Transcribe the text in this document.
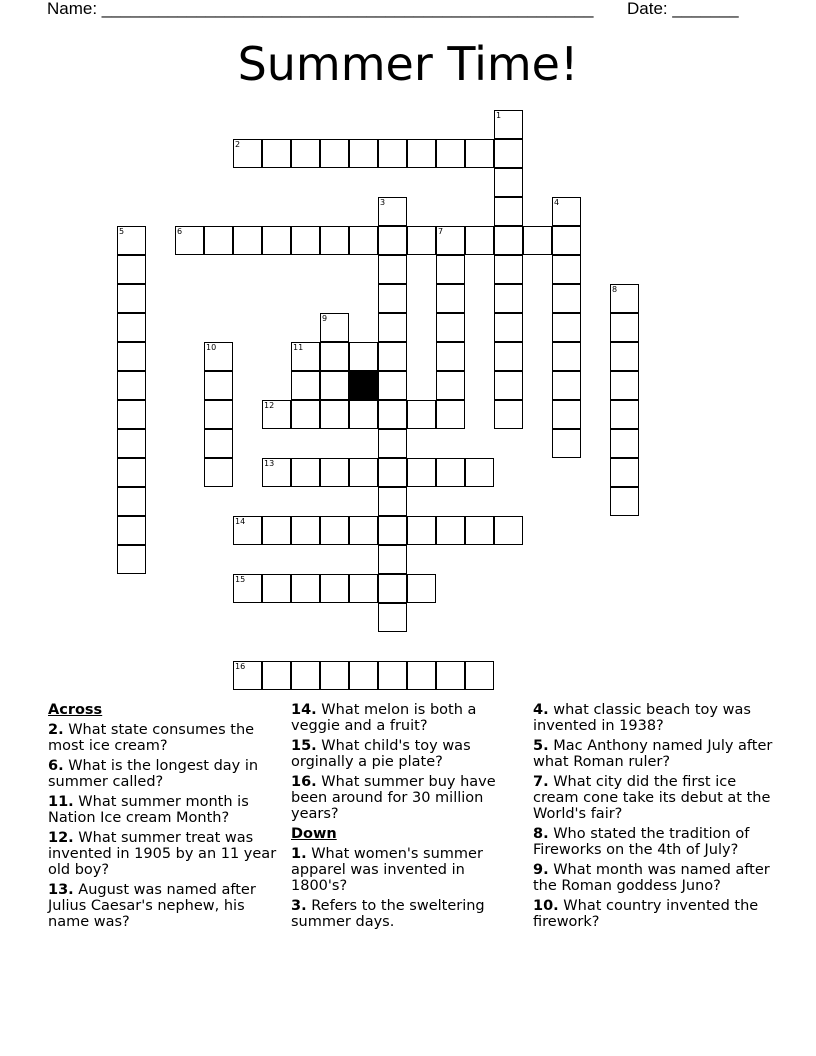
Name: ____________________________________________________ Date: _______
Summer Time!
1
2
3	4
5	6	7
8
9
10	11
12
13
14
15
16
Across
2. What state consumes the most ice cream?
6. What is the longest day in summer called?
11. What summer month is Nation Ice cream Month?
12. What summer treat was invented in 1905 by an 11 year old boy?
13. August was named after Julius Caesar's nephew, his name was?
14. What melon is both a veggie and a fruit?
15. What child's toy was orginally a pie plate?
16. What summer buy have been around for 30 million years?
Down
1. What women's summer apparel was invented in 1800's?
3. Refers to the sweltering summer days.
4. what classic beach toy was invented in 1938?
5. Mac Anthony named July after what Roman ruler?
7. What city did the first ice cream cone take its debut at the World's fair?
8. Who stated the tradition of Fireworks on the 4th of July?
9. What month was named after the Roman goddess Juno?
10. What country invented the firework?
